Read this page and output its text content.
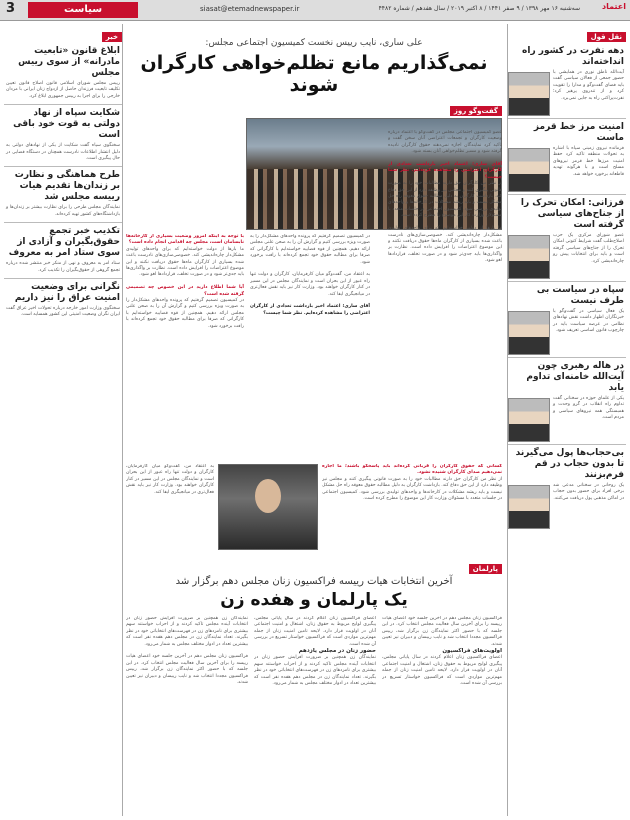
3	سیاست	siasat@etemadnewspaper.ir	سه‌شنبه ۱۶ مهر ۱۳۹۸ / ۹ صفر ۱۴۴۱ / ۸ اکتبر ۲۰۱۹ / سال هفدهم / شماره ۴۴۸۲	اعتماد
نقل قول
دهه نفرت در کشور راه انداخته‌اند
آیت‌الله ناطق نوری در همایشی با حضور جمعی از فعالان سیاسی گفت باید فضای گفت‌وگو و مدارا را تقویت کرد و از تندروی پرهیز کرد؛ نفرت‌پراکنی راه به جایی نمی‌برد.
امنیت مرز خط قرمز ماست
فرمانده نیروی زمینی سپاه با اشاره به تحولات منطقه تاکید کرد حفظ امنیت مرزها خط قرمز نیروهای مسلح است و با هرگونه تهدید قاطعانه برخورد خواهد شد.
فرزانی: امکان تحرک را از جناح‌های سیاسی گرفته است
عضو شورای مرکزی یک حزب اصلاح‌طلب گفت شرایط کنونی امکان تحرک را از جناح‌های سیاسی گرفته است و باید برای انتخابات پیش رو چاره‌اندیشی کرد.
سپاه در سیاست بی طرف نیست
یک فعال سیاسی در گفت‌وگو با خبرنگاران اظهار داشت نقش نهادهای نظامی در عرصه سیاست باید در چارچوب قانون اساسی تعریف شود.
در هاله رهبری چون آیت‌الله خامنه‌ای تداوم یابد
یکی از علمای حوزه در سخنانی گفت تداوم راه انقلاب در گرو وحدت و همبستگی همه نیروهای سیاسی و مردم است.
بی‌حجاب‌ها پول می‌گیرند تا بدون حجاب در قم فرم‌بزنند
یک روحانی در سخنانی مدعی شد برخی افراد برای حضور بدون حجاب در اماکن مذهبی پول دریافت می‌کنند.
خبر
ابلاغ قانون «تابعیت مادرانه» از سوی رییس مجلس
رییس مجلس شورای اسلامی قانون اصلاح قانون تعیین تکلیف تابعیت فرزندان حاصل از ازدواج زنان ایرانی با مردان خارجی را برای اجرا به رییس جمهوری ابلاغ کرد.
شکایت سپاه از نهاد دولتی به قوت خود باقی است
سخنگوی سپاه گفت شکایت از یکی از نهادهای دولتی به دلیل انتشار اطلاعات نادرست همچنان در دستگاه قضایی در حال پیگیری است.
طرح هماهنگی و نظارت بر زندان‌ها تقدیم هیات رییسه مجلس شد
نمایندگان مجلس طرحی را برای نظارت بیشتر بر زندان‌ها و بازداشتگاه‌های کشور تهیه کرده‌اند.
تکذیب خبر تجمع حقوق‌بگیران و آزادی از سوی ستاد امر به معروف
ستاد امر به معروف و نهی از منکر خبر منتشر شده درباره تجمع گروهی از حقوق‌بگیران را تکذیب کرد.
نگرانی برای وضعیت امنیت عراق را نیز داریم
سخنگوی وزارت امور خارجه درباره تحولات اخیر عراق گفت ایران نگران وضعیت امنیتی این کشور همسایه است.
علی ساری، نایب رییس نخست کمیسیون اجتماعی مجلس:
نمی‌گذاریم مانع تظلم‌خواهی کارگران شوند
گفت‌وگو روز
عضو کمیسیون اجتماعی مجلس در گفت‌وگو با اعتماد درباره وضعیت کارگران و تجمعات اعتراضی آنان سخن گفت و تاکید کرد نمایندگان اجازه نمی‌دهند حقوق کارگران نادیده گرفته شود و مسیر تظلم‌خواهی آنان بسته شود.

آقای ساری؛ اعتماد اخیر بازداشت تعدادی از کارگران اعتراضی را مشاهده کرده‌ایم. نظر شما چیست؟
از نظر من کارگران حق دارند مطالبات خود را به صورت قانونی پیگیری کنند و مجلس نیز وظیفه دارد از این حق دفاع کند. بازداشت کارگران به دلیل مطالبه حقوق معوقه راه حل مشکل نیست و باید ریشه مشکلات در کارخانه‌ها و واحدهای تولیدی بررسی شود. کمیسیون اجتماعی در جلسات متعدد با مسئولان وزارت کار این موضوع را مطرح کرده است.

ما بارها از دولت خواسته‌ایم که برای واحدهای تولیدی مشکل‌دار چاره‌اندیشی کند. خصوصی‌سازی‌های نادرست باعث شده بسیاری از کارگران ماه‌ها حقوق دریافت نکنند و این موضوع اعتراضات را افزایش داده است. نظارت بر واگذاری‌ها باید جدی‌تر شود و در صورت تخلف، قراردادها لغو شود.
با توجه به اینکه امروز وضعیت بسیاری از کارخانه‌ها نابسامان است، مجلس چه اقدامی انجام داده است؟
ما بارها از دولت خواسته‌ایم که برای واحدهای تولیدی مشکل‌دار چاره‌اندیشی کند. خصوصی‌سازی‌های نادرست باعث شده بسیاری از کارگران ماه‌ها حقوق دریافت نکنند و این موضوع اعتراضات را افزایش داده است. نظارت بر واگذاری‌ها باید جدی‌تر شود و در صورت تخلف، قراردادها لغو شود.

آیا شما اطلاع دارید در این خصوص چه تصمیمی گرفته شده است؟
در کمیسیون تصمیم گرفتیم که پرونده واحدهای مشکل‌دار را به صورت ویژه بررسی کنیم و گزارش آن را به صحن علنی مجلس ارائه دهیم. همچنین از قوه قضاییه خواسته‌ایم با کارگرانی که صرفا برای مطالبه حقوق خود تجمع کرده‌اند با رافت برخورد شود.
در کمیسیون تصمیم گرفتیم که پرونده واحدهای مشکل‌دار را به صورت ویژه بررسی کنیم و گزارش آن را به صحن علنی مجلس ارائه دهیم. همچنین از قوه قضاییه خواسته‌ایم با کارگرانی که صرفا برای مطالبه حقوق خود تجمع کرده‌اند با رافت برخورد شود.

به اعتقاد من، گفت‌وگو میان کارفرمایان، کارگران و دولت تنها راه عبور از این بحران است و نمایندگان مجلس در این مسیر در کنار کارگران خواهند بود. وزارت کار نیز باید نقش فعال‌تری در میانجیگری ایفا کند.

آقای ساری؛ اعتماد اخیر بازداشت تعدادی از کارگران اعتراضی را مشاهده کرده‌ایم. نظر شما چیست؟
به اعتقاد من، گفت‌وگو میان کارفرمایان، کارگران و دولت تنها راه عبور از این بحران است و نمایندگان مجلس در این مسیر در کنار کارگران خواهند بود. وزارت کار نیز باید نقش فعال‌تری در میانجیگری ایفا کند.
کسانی که حقوق کارگران را قربانی کرده‌اند باید پاسخگو باشند؛ ما اجازه نمی‌دهیم صدای کارگران شنیده نشود.
از نظر من کارگران حق دارند مطالبات خود را به صورت قانونی پیگیری کنند و مجلس نیز وظیفه دارد از این حق دفاع کند. بازداشت کارگران به دلیل مطالبه حقوق معوقه راه حل مشکل نیست و باید ریشه مشکلات در کارخانه‌ها و واحدهای تولیدی بررسی شود. کمیسیون اجتماعی در جلسات متعدد با مسئولان وزارت کار این موضوع را مطرح کرده است.
پارلمان
آخرین انتخابات هیات رییسه فراکسیون زنان مجلس دهم برگزار شد
یک پارلمان و هفده زن
فراکسیون زنان مجلس دهم در آخرین جلسه خود اعضای هیات رییسه را برای آخرین سال فعالیت مجلس انتخاب کرد. در این جلسه که با حضور اکثر نمایندگان زن برگزار شد، رییس فراکسیون مجددا انتخاب شد و نایب رییسان و دبیران نیز تعیین شدند.
اولویت‌های فراکسیون
اعضای فراکسیون زنان اعلام کردند در سال پایانی مجلس، پیگیری لوایح مربوط به حقوق زنان، اشتغال و امنیت اجتماعی آنان در اولویت قرار دارد. لایحه تامین امنیت زنان از جمله مهم‌ترین مواردی است که فراکسیون خواستار تسریع در بررسی آن شده است.
اعضای فراکسیون زنان اعلام کردند در سال پایانی مجلس، پیگیری لوایح مربوط به حقوق زنان، اشتغال و امنیت اجتماعی آنان در اولویت قرار دارد. لایحه تامین امنیت زنان از جمله مهم‌ترین مواردی است که فراکسیون خواستار تسریع در بررسی آن شده است.
حضور زنان در مجلس یازدهم
نمایندگان زن همچنین بر ضرورت افزایش حضور زنان در انتخابات آینده مجلس تاکید کردند و از احزاب خواستند سهم بیشتری برای نامزدهای زن در فهرست‌های انتخاباتی خود در نظر بگیرند. تعداد نمایندگان زن در مجلس دهم هفده نفر است که بیشترین تعداد در ادوار مختلف مجلس به شمار می‌رود.
نمایندگان زن همچنین بر ضرورت افزایش حضور زنان در انتخابات آینده مجلس تاکید کردند و از احزاب خواستند سهم بیشتری برای نامزدهای زن در فهرست‌های انتخاباتی خود در نظر بگیرند. تعداد نمایندگان زن در مجلس دهم هفده نفر است که بیشترین تعداد در ادوار مختلف مجلس به شمار می‌رود.

فراکسیون زنان مجلس دهم در آخرین جلسه خود اعضای هیات رییسه را برای آخرین سال فعالیت مجلس انتخاب کرد. در این جلسه که با حضور اکثر نمایندگان زن برگزار شد، رییس فراکسیون مجددا انتخاب شد و نایب رییسان و دبیران نیز تعیین شدند.
